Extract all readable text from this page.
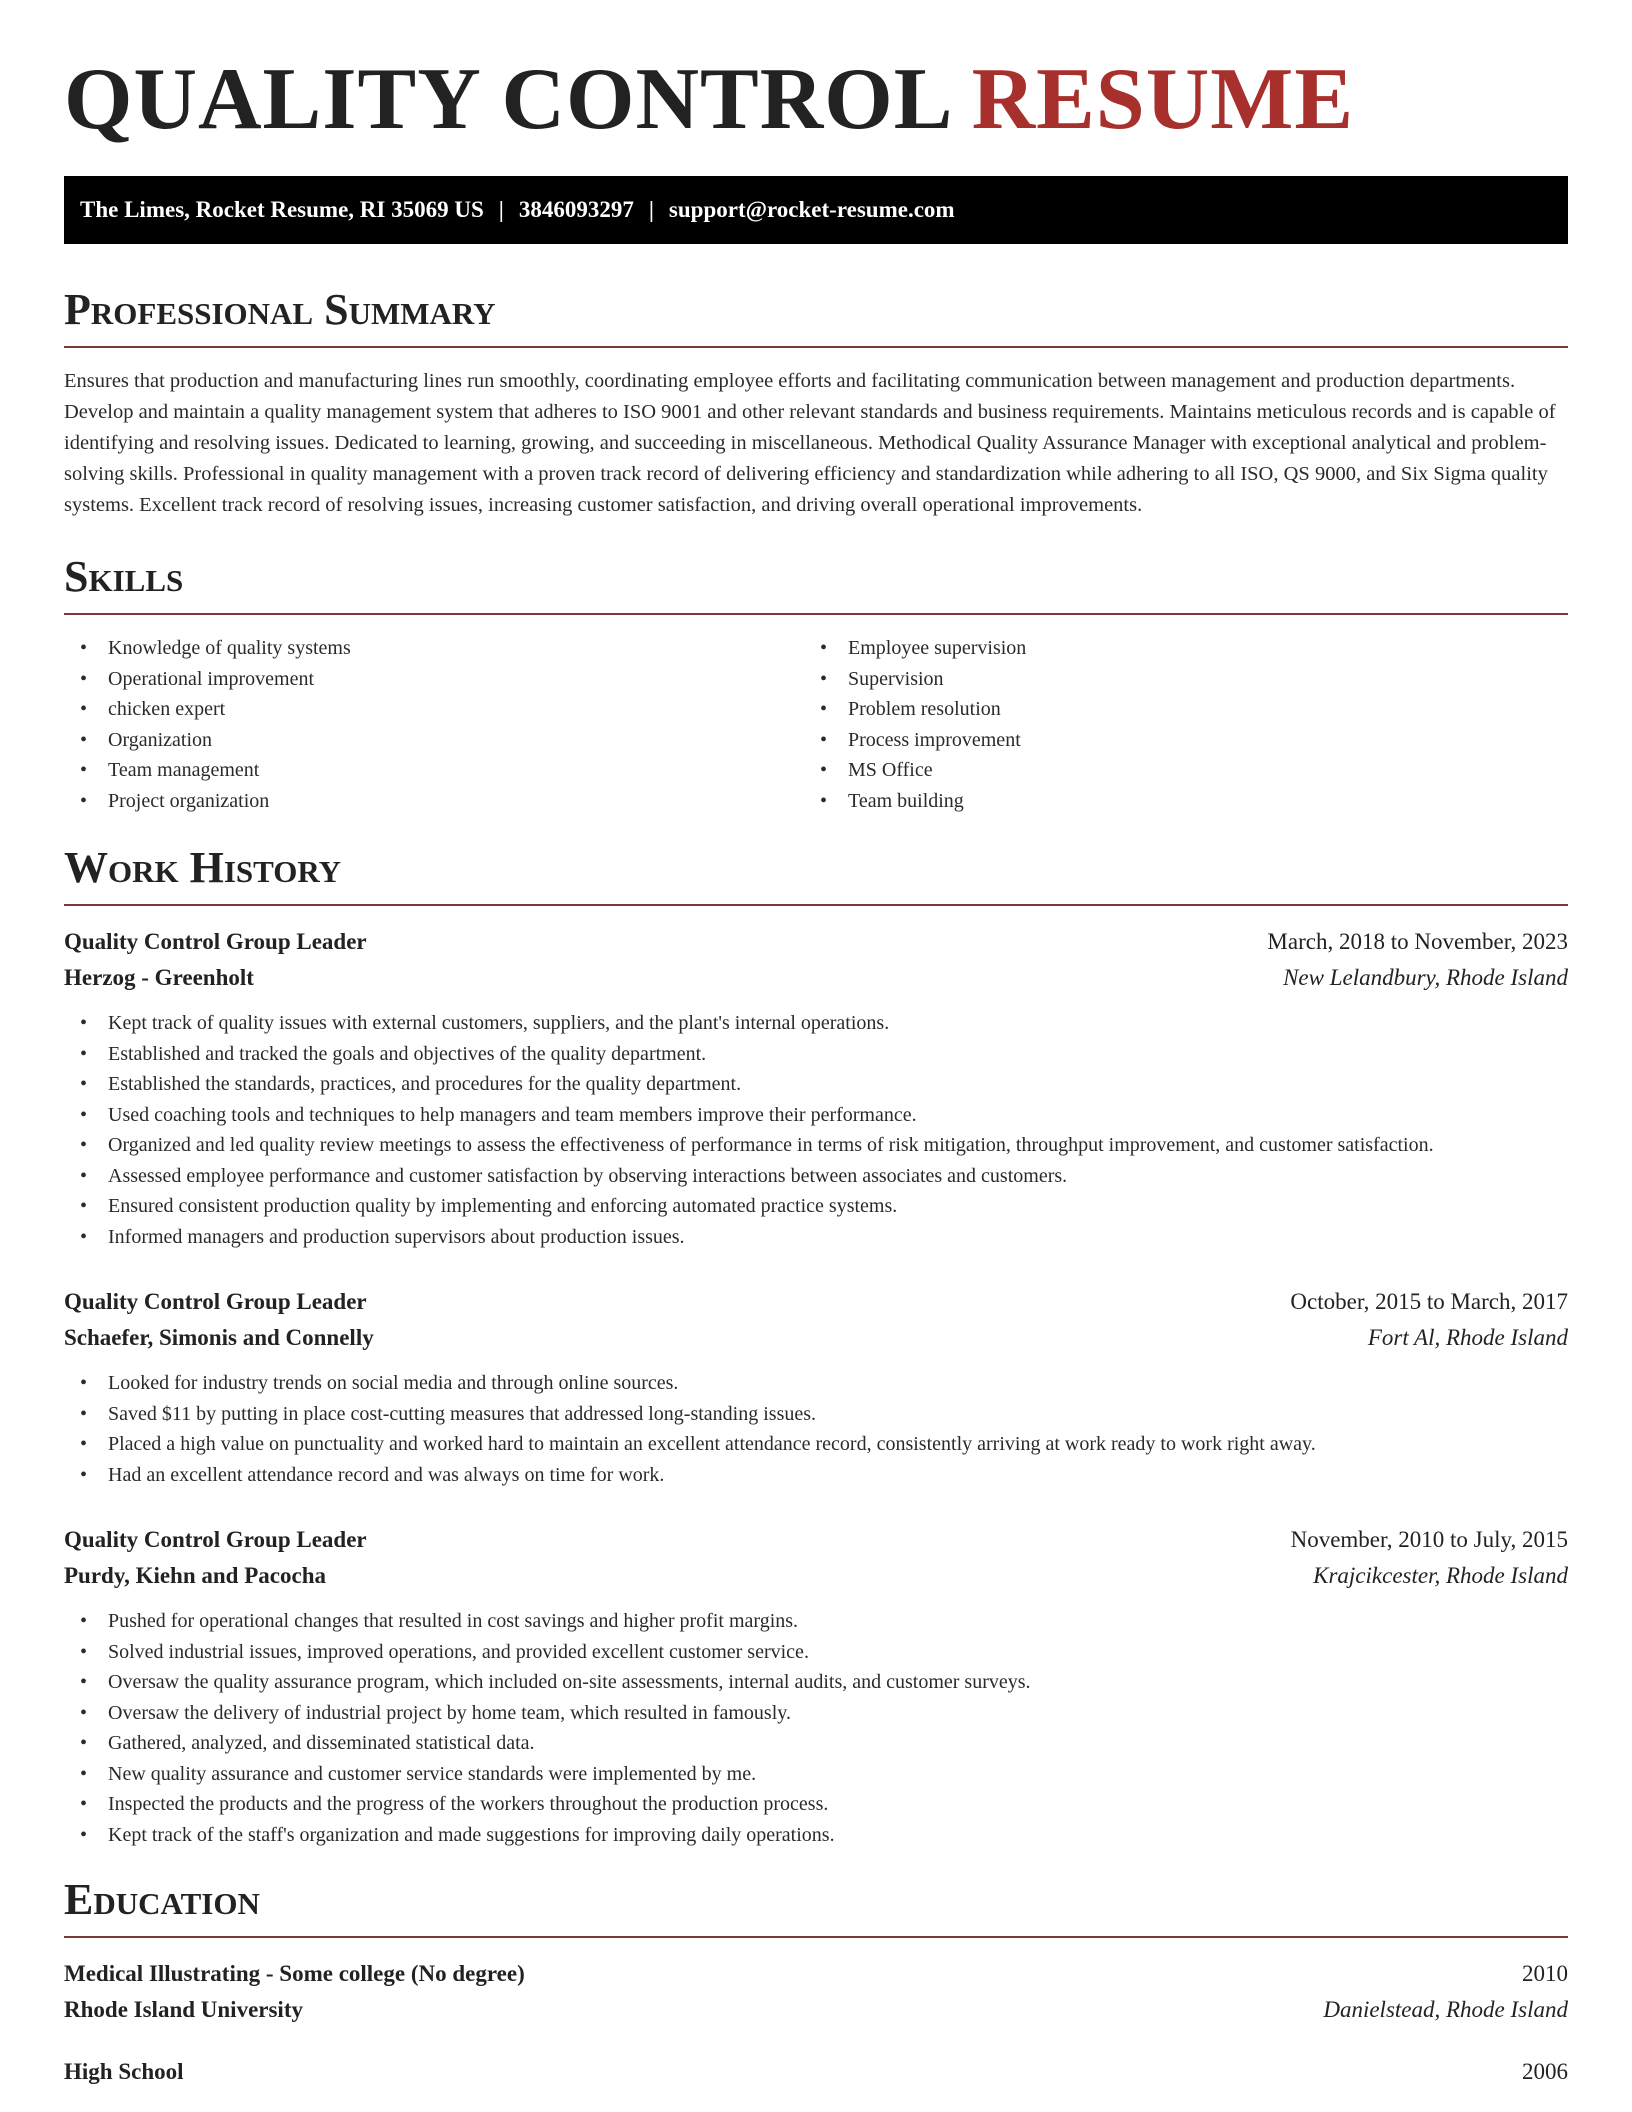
QUALITY CONTROL RESUME
The Limes, Rocket Resume, RI 35069 US | 3846093297 | support@rocket-resume.com
Professional Summary

Ensures that production and manufacturing lines run smoothly, coordinating employee efforts and facilitating communication between management and production departments. Develop and maintain a quality management system that adheres to ISO 9001 and other relevant standards and business requirements. Maintains meticulous records and is capable of identifying and resolving issues. Dedicated to learning, growing, and succeeding in miscellaneous. Methodical Quality Assurance Manager with exceptional analytical and problem-solving skills. Professional in quality management with a proven track record of delivering efficiency and standardization while adhering to all ISO, QS 9000, and Six Sigma quality systems. Excellent track record of resolving issues, increasing customer satisfaction, and driving overall operational improvements.

Skills
• Knowledge of quality systems
• Operational improvement
• chicken expert
• Organization
• Team management
• Project organization
• Employee supervision
• Supervision
• Problem resolution
• Process improvement
• MS Office
• Team building
Work History
Quality Control Group Leader	March, 2018 to November, 2023
Herzog - Greenholt	New Lelandbury, Rhode Island
• Kept track of quality issues with external customers, suppliers, and the plant's internal operations.
• Established and tracked the goals and objectives of the quality department.
• Established the standards, practices, and procedures for the quality department.
• Used coaching tools and techniques to help managers and team members improve their performance.
• Organized and led quality review meetings to assess the effectiveness of performance in terms of risk mitigation, throughput improvement, and customer satisfaction.
• Assessed employee performance and customer satisfaction by observing interactions between associates and customers.
• Ensured consistent production quality by implementing and enforcing automated practice systems.
• Informed managers and production supervisors about production issues.
Quality Control Group Leader	October, 2015 to March, 2017
Schaefer, Simonis and Connelly	Fort Al, Rhode Island
• Looked for industry trends on social media and through online sources.
• Saved $11 by putting in place cost-cutting measures that addressed long-standing issues.
• Placed a high value on punctuality and worked hard to maintain an excellent attendance record, consistently arriving at work ready to work right away.
• Had an excellent attendance record and was always on time for work.
Quality Control Group Leader	November, 2010 to July, 2015
Purdy, Kiehn and Pacocha	Krajcikcester, Rhode Island
• Pushed for operational changes that resulted in cost savings and higher profit margins.
• Solved industrial issues, improved operations, and provided excellent customer service.
• Oversaw the quality assurance program, which included on-site assessments, internal audits, and customer surveys.
• Oversaw the delivery of industrial project by home team, which resulted in famously.
• Gathered, analyzed, and disseminated statistical data.
• New quality assurance and customer service standards were implemented by me.
• Inspected the products and the progress of the workers throughout the production process.
• Kept track of the staff's organization and made suggestions for improving daily operations.
Education
Medical Illustrating - Some college (No degree)	2010
Rhode Island University	Danielstead, Rhode Island
High School	2006
